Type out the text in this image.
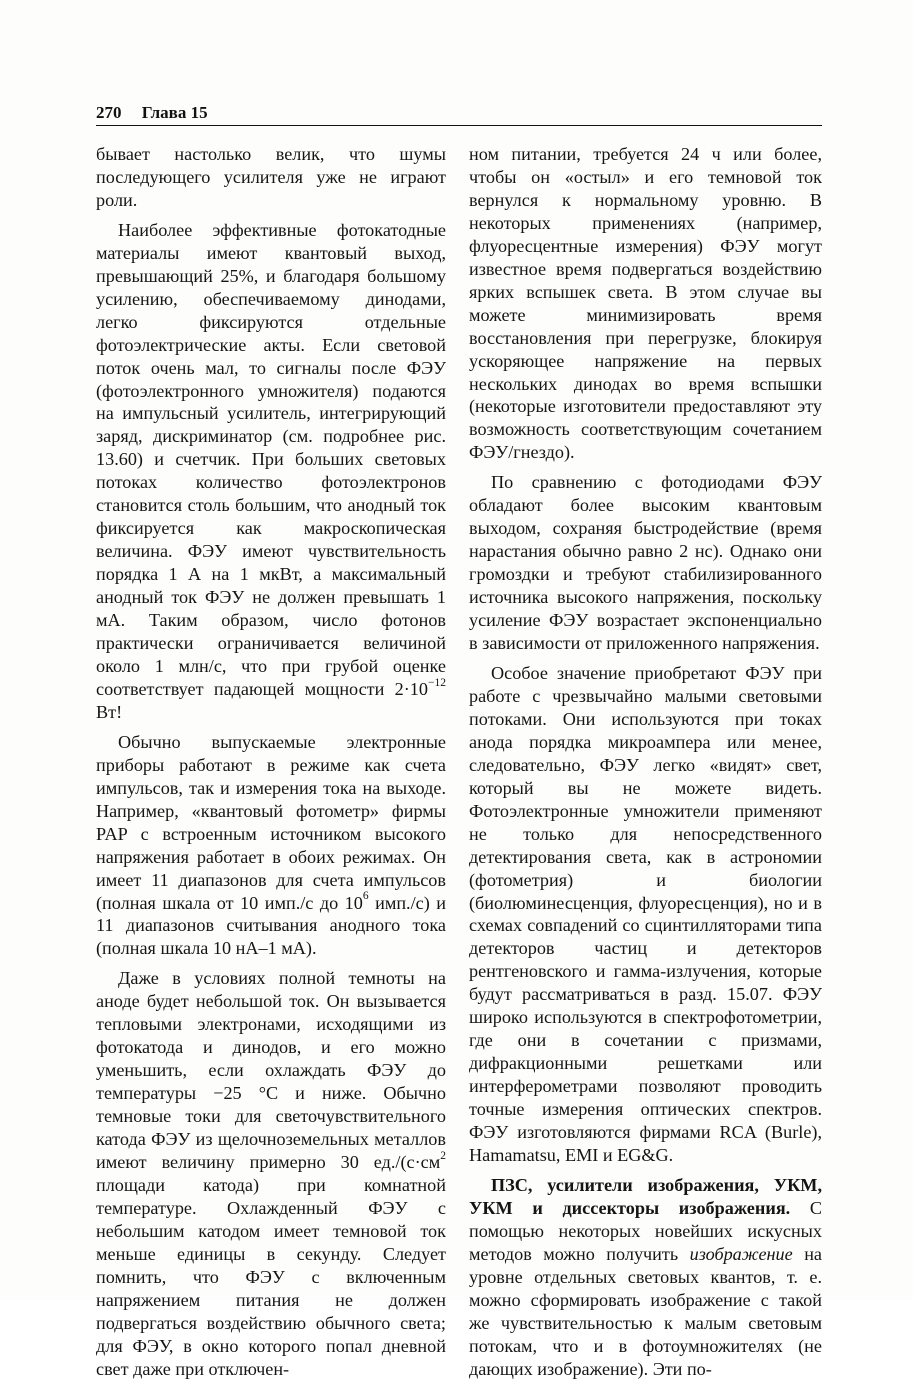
270 Глава 15

бывает настолько велик, что шумы последующего усилителя уже не играют роли.

Наиболее эффективные фотокатодные материалы имеют квантовый выход, превышающий 25%, и благодаря большому усилению, обеспечиваемому динодами, легко фиксируются отдельные фотоэлектрические акты. Если световой поток очень мал, то сигналы после ФЭУ (фотоэлектронного умножителя) подаются на импульсный усилитель, интегрирующий заряд, дискриминатор (см. подробнее рис. 13.60) и счетчик. При больших световых потоках количество фотоэлектронов становится столь большим, что анодный ток фиксируется как макроскопическая величина. ФЭУ имеют чувствительность порядка 1 А на 1 мкВт, а максимальный анодный ток ФЭУ не должен превышать 1 мА. Таким образом, число фотонов практически ограничивается величиной около 1 млн/с, что при грубой оценке соответствует падающей мощности $2\cdot 10^{-12}$ Вт!

Обычно выпускаемые электронные приборы работают в режиме как счета импульсов, так и измерения тока на выходе. Например, «квантовый фотометр» фирмы PAP с встроенным источником высокого напряжения работает в обоих режимах. Он имеет 11 диапазонов для счета импульсов (полная шкала от 10 имп./с до $10^6$ имп./с) и 11 диапазонов считывания анодного тока (полная шкала 10 нА–1 мА).

Даже в условиях полной темноты на аноде будет небольшой ток. Он вызывается тепловыми электронами, исходящими из фотокатода и динодов, и его можно уменьшить, если охлаждать ФЭУ до температуры −25 °C и ниже. Обычно темновые токи для светочувствительного катода ФЭУ из щелочноземельных металлов имеют величину примерно 30 $ед./(с\cdot см^2$ площади катода) при комнатной температуре. Охлажденный ФЭУ с небольшим катодом имеет темновой ток меньше единицы в секунду. Следует помнить, что ФЭУ с включенным напряжением питания не должен подвергаться воздействию обычного света; для ФЭУ, в окно которого попал дневной свет даже при отключен-

ном питании, требуется 24 ч или более, чтобы он «остыл» и его темновой ток вернулся к нормальному уровню. В некоторых применениях (например, флуоресцентные измерения) ФЭУ могут известное время подвергаться воздействию ярких вспышек света. В этом случае вы можете минимизировать время восстановления при перегрузке, блокируя ускоряющее напряжение на первых нескольких динодах во время вспышки (некоторые изготовители предоставляют эту возможность соответствующим сочетанием ФЭУ/гнездо).

По сравнению с фотодиодами ФЭУ обладают более высоким квантовым выходом, сохраняя быстродействие (время нарастания обычно равно 2 нс). Однако они громоздки и требуют стабилизированного источника высокого напряжения, поскольку усиление ФЭУ возрастает экспоненциально в зависимости от приложенного напряжения.

Особое значение приобретают ФЭУ при работе с чрезвычайно малыми световыми потоками. Они используются при токах анода порядка микроампера или менее, следовательно, ФЭУ легко «видят» свет, который вы не можете видеть. Фотоэлектронные умножители применяют не только для непосредственного детектирования света, как в астрономии (фотометрия) и биологии (биолюминесценция, флуоресценция), но и в схемах совпадений со сцинтилляторами типа детекторов частиц и детекторов рентгеновского и гамма-излучения, которые будут рассматриваться в разд. 15.07. ФЭУ широко используются в спектрофотометрии, где они в сочетании с призмами, дифракционными решетками или интерферометрами позволяют проводить точные измерения оптических спектров. ФЭУ изготовляются фирмами RCA (Burle), Hamamatsu, EMI и EG&G.

ПЗС, усилители изображения, УКМ, УКМ и диссекторы изображения. С помощью некоторых новейших искусных методов можно получить изображение на уровне отдельных световых квантов, т. е. можно сформировать изображение с такой же чувствительностью к малым световым потокам, что и в фотоумножителях (не дающих изображение). Эти по-
